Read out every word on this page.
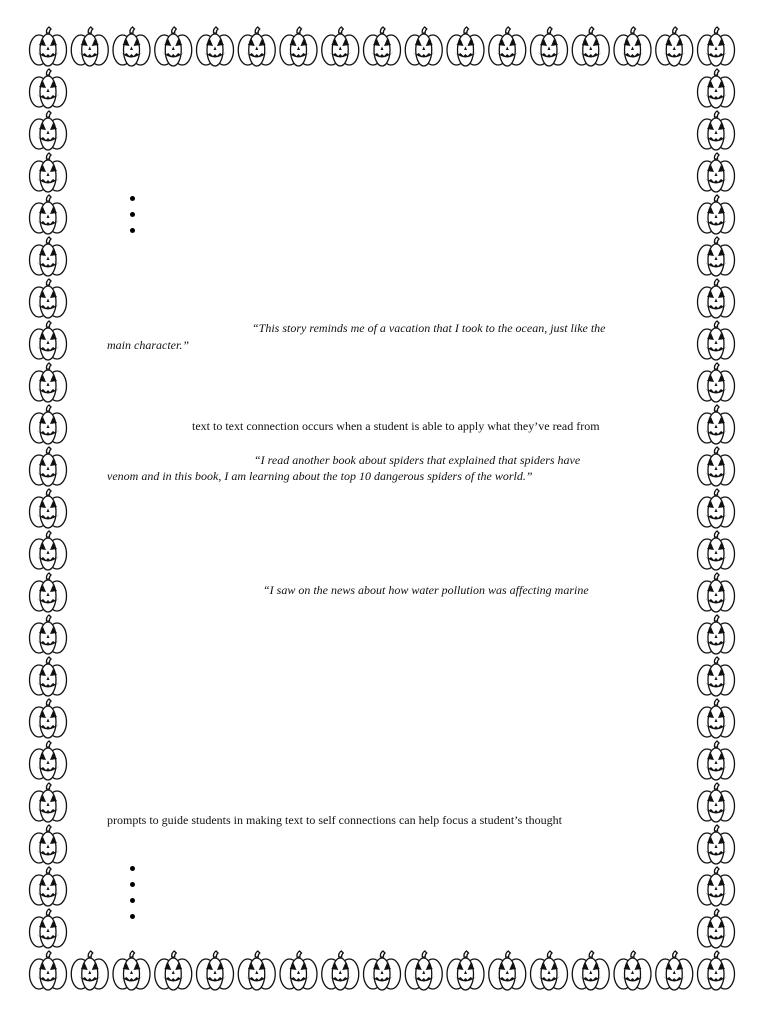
“This story reminds me of a vacation that I took to the ocean, just like the
main character.”
text to text connection occurs when a student is able to apply what they’ve read from
“I read another book about spiders that explained that spiders have
venom and in this book, I am learning about the top 10 dangerous spiders of the world.”
“I saw on the news about how water pollution was affecting marine
prompts to guide students in making text to self connections can help focus a student’s thought
